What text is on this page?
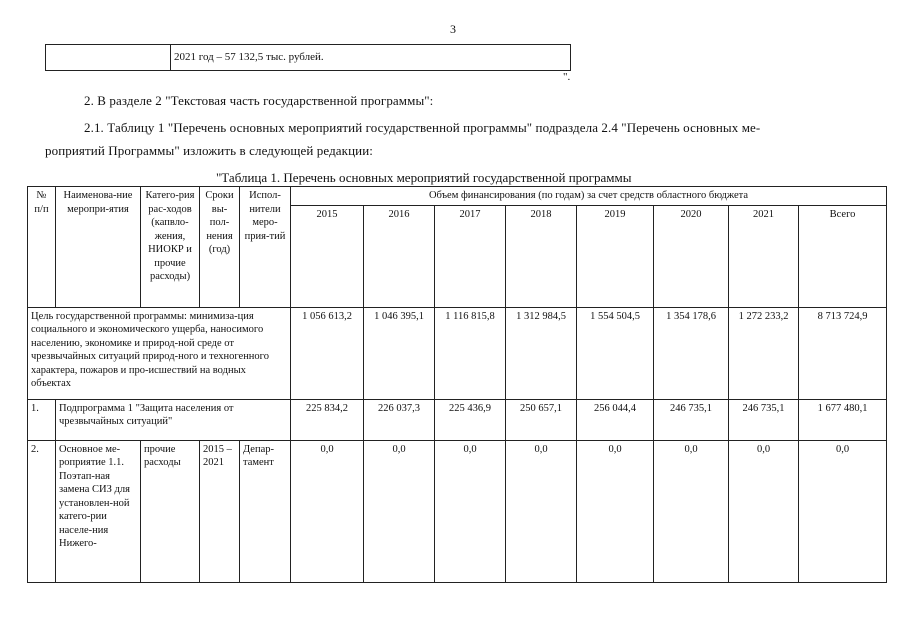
3
2021 год – 57 132,5 тыс. рублей.
".
2. В разделе 2 "Текстовая часть государственной программы":
2.1. Таблицу 1 "Перечень основных мероприятий государственной программы" подраздела 2.4 "Перечень основных ме-
роприятий Программы" изложить в следующей редакции:
"Таблица 1. Перечень основных мероприятий государственной программы
№ п/п	Наименова-ние меропри-ятия	Катего-рия рас-ходов (капвло-жения, НИОКР и прочие расходы)	Сроки вы-пол-нения (год)	Испол-нители меро-прия-тий	Объем финансирования (по годам) за счет средств областного бюджета							
					2015	2016	2017	2018	2019	2020	2021	Всего
Цель государственной программы: минимиза-ция социального и экономического ущерба, наносимого населению, экономике и природ-ной среде от чрезвычайных ситуаций природ-ного и техногенного характера, пожаров и про-исшествий на водных объектах					1 056 613,2	1 046 395,1	1 116 815,8	1 312 984,5	1 554 504,5	1 354 178,6	1 272 233,2	8 713 724,9
1.	Подпрограмма 1 "Защита населения от чрезвычайных ситуаций"				225 834,2	226 037,3	225 436,9	250 657,1	256 044,4	246 735,1	246 735,1	1 677 480,1
2.	Основное ме-роприятие 1.1. Поэтап-ная замена СИЗ для установлен-ной катего-рии населе-ния Нижего-	прочие расходы	2015 – 2021	Депар-тамент	0,0	0,0	0,0	0,0	0,0	0,0	0,0	0,0
